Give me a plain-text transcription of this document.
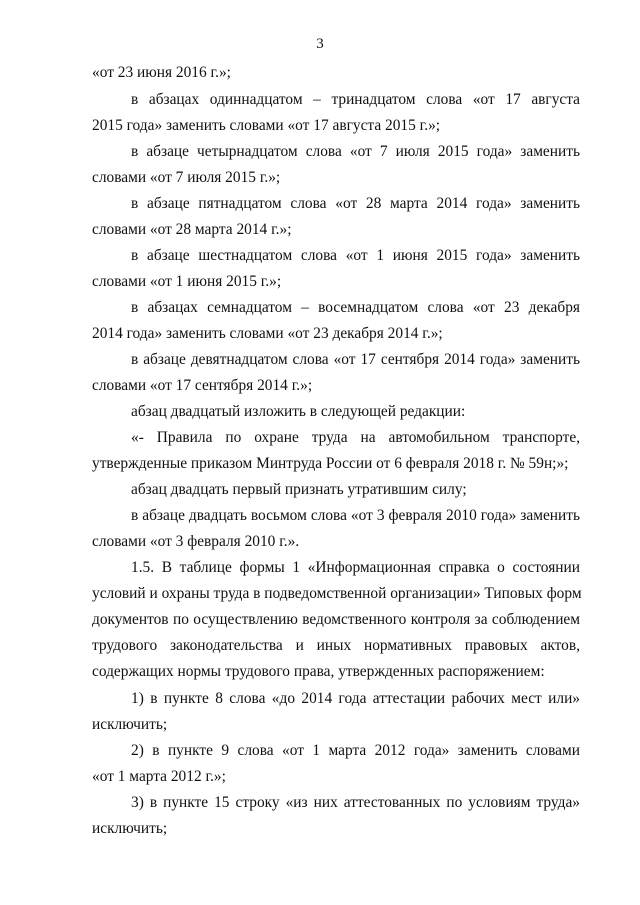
3
«от 23 июня 2016 г.»;
в абзацах одиннадцатом – тринадцатом слова «от 17 августа
2015 года» заменить словами «от 17 августа 2015 г.»;
в абзаце четырнадцатом слова «от 7 июля 2015 года» заменить
словами «от 7 июля 2015 г.»;
в абзаце пятнадцатом слова «от 28 марта 2014 года» заменить
словами «от 28 марта 2014 г.»;
в абзаце шестнадцатом слова «от 1 июня 2015 года» заменить
словами «от 1 июня 2015 г.»;
в абзацах семнадцатом – восемнадцатом слова «от 23 декабря
2014 года» заменить словами «от 23 декабря 2014 г.»;
в абзаце девятнадцатом слова «от 17 сентября 2014 года» заменить
словами «от 17 сентября 2014 г.»;
абзац двадцатый изложить в следующей редакции:
«- Правила по охране труда на автомобильном транспорте,
утвержденные приказом Минтруда России от 6 февраля 2018 г. № 59н;»;
абзац двадцать первый признать утратившим силу;
в абзаце двадцать восьмом слова «от 3 февраля 2010 года» заменить
словами «от 3 февраля 2010 г.».
1.5. В таблице формы 1 «Информационная справка о состоянии
условий и охраны труда в подведомственной организации» Типовых форм
документов по осуществлению ведомственного контроля за соблюдением
трудового законодательства и иных нормативных правовых актов,
содержащих нормы трудового права, утвержденных распоряжением:
1) в пункте 8 слова «до 2014 года аттестации рабочих мест или»
исключить;
2) в пункте 9 слова «от 1 марта 2012 года» заменить словами
«от 1 марта 2012 г.»;
3) в пункте 15 строку «из них аттестованных по условиям труда»
исключить;
